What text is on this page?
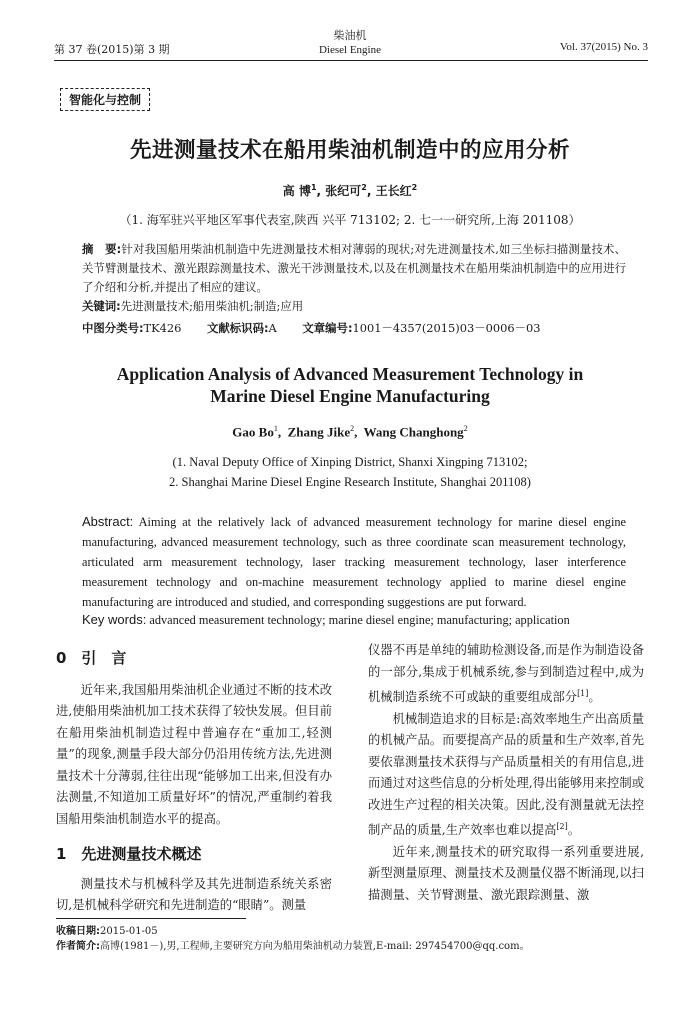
第 37 卷(2015)第 3 期
柴油机
Diesel Engine	Vol. 37(2015) No. 3
智能化与控制
先进测量技术在船用柴油机制造中的应用分析
高 博$^1$, 张纪可$^2$, 王长红$^2$
（1. 海军驻兴平地区军事代表室,陕西 兴平 713102; 2. 七一一研究所,上海 201108）
摘　要:针对我国船用柴油机制造中先进测量技术相对薄弱的现状;对先进测量技术,如三坐标扫描测量技术、关节臂测量技术、激光跟踪测量技术、激光干涉测量技术,以及在机测量技术在船用柴油机制造中的应用进行了介绍和分析,并提出了相应的建议。
关键词:先进测量技术;船用柴油机;制造;应用
中图分类号:TK426 文献标识码:A 文章编号:1001－4357(2015)03－0006－03
Application Analysis of Advanced Measurement Technology in
Marine Diesel Engine Manufacturing
Gao Bo$^1$,  Zhang Jike$^2$,  Wang Changhong$^2$
(1. Naval Deputy Office of Xinping District, Shanxi Xingping 713102;
2. Shanghai Marine Diesel Engine Research Institute, Shanghai 201108)
Abstract: Aiming at the relatively lack of advanced measurement technology for marine diesel engine manufacturing, advanced measurement technology, such as three coordinate scan measurement technology, articulated arm measurement technology, laser tracking measurement technology, laser interference measurement technology and on-machine measurement technology applied to marine diesel engine manufacturing are introduced and studied, and corresponding suggestions are put forward.
Key words: advanced measurement technology; marine diesel engine; manufacturing; application
0　引　言

近年来,我国船用柴油机企业通过不断的技术改进,使船用柴油机加工技术获得了较快发展。但目前在船用柴油机制造过程中普遍存在“重加工,轻测量”的现象,测量手段大部分仍沿用传统方法,先进测量技术十分薄弱,往往出现“能够加工出来,但没有办法测量,不知道加工质量好坏”的情况,严重制约着我国船用柴油机制造水平的提高。

1　先进测量技术概述

测量技术与机械科学及其先进制造系统关系密切,是机械科学研究和先进制造的“眼睛”。测量

仪器不再是单纯的辅助检测设备,而是作为制造设备的一部分,集成于机械系统,参与到制造过程中,成为机械制造系统不可或缺的重要组成部分[1]。

机械制造追求的目标是:高效率地生产出高质量的机械产品。而要提高产品的质量和生产效率,首先要依靠测量技术获得与产品质量相关的有用信息,进而通过对这些信息的分析处理,得出能够用来控制或改进生产过程的相关决策。因此,没有测量就无法控制产品的质量,生产效率也难以提高[2]。

近年来,测量技术的研究取得一系列重要进展,新型测量原理、测量技术及测量仪器不断涌现,以扫描测量、关节臂测量、激光跟踪测量、激

收稿日期:2015-01-05
作者简介:高博(1981－),男,工程师,主要研究方向为船用柴油机动力装置,E-mail: 297454700@qq.com。
